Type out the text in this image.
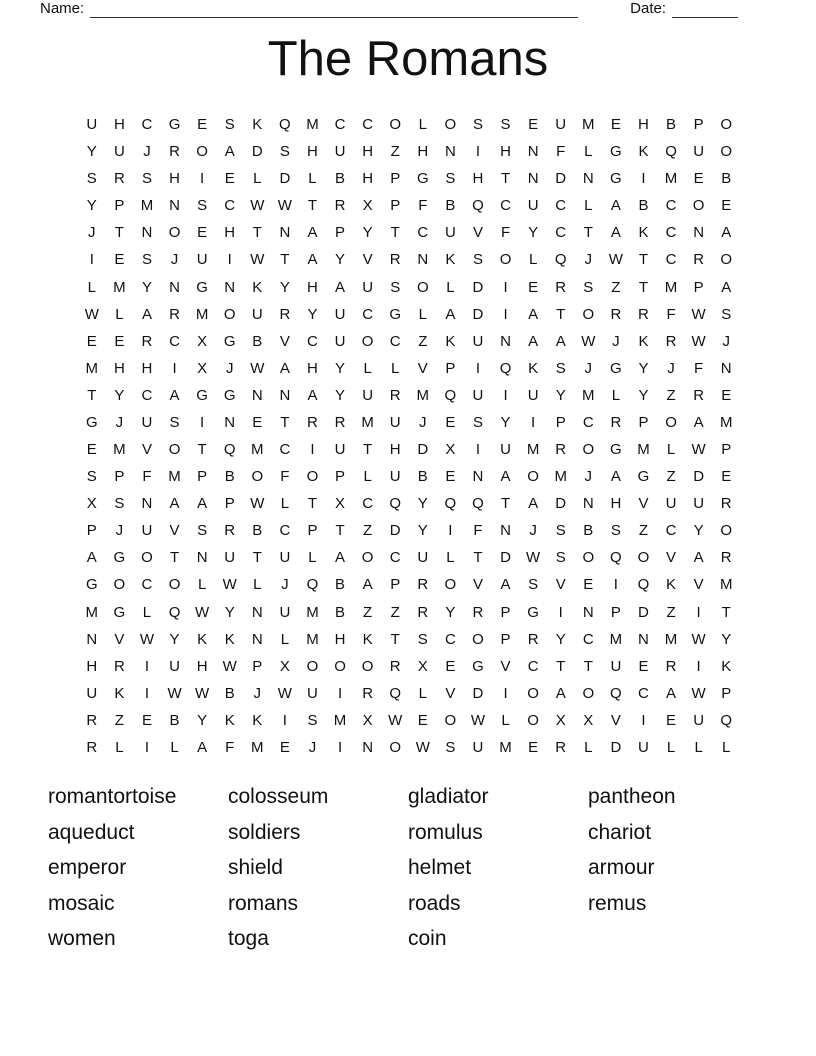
Name:	Date:
The Romans
U	H	C	G	E	S	K	Q	M	C	C	O	L	O	S	S	E	U	M	E	H	B	P	O
Y	U	J	R	O	A	D	S	H	U	H	Z	H	N	I	H	N	F	L	G	K	Q	U	O
S	R	S	H	I	E	L	D	L	B	H	P	G	S	H	T	N	D	N	G	I	M	E	B
Y	P	M	N	S	C	W W	T	R	X	P	F	B	Q	C	U	C	L	A	B	C	O	E
J	T	N	O	E	H	T	N	A	P	Y	T	C	U	V	F	Y	C	T	A	K	C	N	A
I	E	S	J	U	I	W	T	A	Y	V	R	N	K	S	O	L	Q	J	W	T	C	R	O
L	M	Y	N	G	N	K	Y	H	A	U	S	O	L	D	I	E	R	S	Z	T	M	P	A
W	L	A	R	M	O	U	R	Y	U	C	G	L	A	D	I	A	T	O	R	R	F	W	S
E	E	R	C	X	G	B	V	C	U	O	C	Z	K	U	N	A	A	W	J	K	R	W	J
M	H	H	I	X	J	W	A	H	Y	L	L	V	P	I	Q	K	S	J	G	Y	J	F	N
T	Y	C	A	G	G	N	N	A	Y	U	R	M	Q	U	I	U	Y	M	L	Y	Z	R	E
G	J	U	S	I	N	E	T	R	R	M	U	J	E	S	Y	I	P	C	R	P	O	A	M
E	M	V	O	T	Q	M	C	I	U	T	H	D	X	I	U	M	R	O	G	M	L	W	P
S	P	F	M	P	B	O	F	O	P	L	U	B	E	N	A	O	M	J	A	G	Z	D	E
X	S	N	A	A	P	W	L	T	X	C	Q	Y	Q	Q	T	A	D	N	H	V	U	U	R
P	J	U	V	S	R	B	C	P	T	Z	D	Y	I	F	N	J	S	B	S	Z	C	Y	O
A	G	O	T	N	U	T	U	L	A	O	C	U	L	T	D	W	S	O	Q	O	V	A	R
G	O	C	O	L	W	L	J	Q	B	A	P	R	O	V	A	S	V	E	I	Q	K	V	M
M	G	L	Q W	Y	N	U	M	B	Z	Z	R	Y	R	P	G	I	N	P	D	Z	I	T
N	V	W	Y	K	K	N	L	M	H	K	T	S	C	O	P	R	Y	C	M	N	M W	Y
H	R	I	U	H	W	P	X	O	O	O	R	X	E	G	V	C	T	T	U	E	R	I	K
U	K	I	W W	B	J	W	U	I	R	Q	L	V	D	I	O	A	O	Q	C	A	W	P
R	Z	E	B	Y	K	K	I	S	M	X	W	E	O W	L	O	X	X	V	I	E	U	Q
R	L	I	L	A	F	M	E	J	I	N	O W	S	U	M	E	R	L	D	U	L	L	L
romantortoise
aqueduct
emperor
mosaic
women
colosseum
soldiers
shield
romans
toga
gladiator
romulus
helmet
roads
coin
pantheon
chariot
armour
remus
